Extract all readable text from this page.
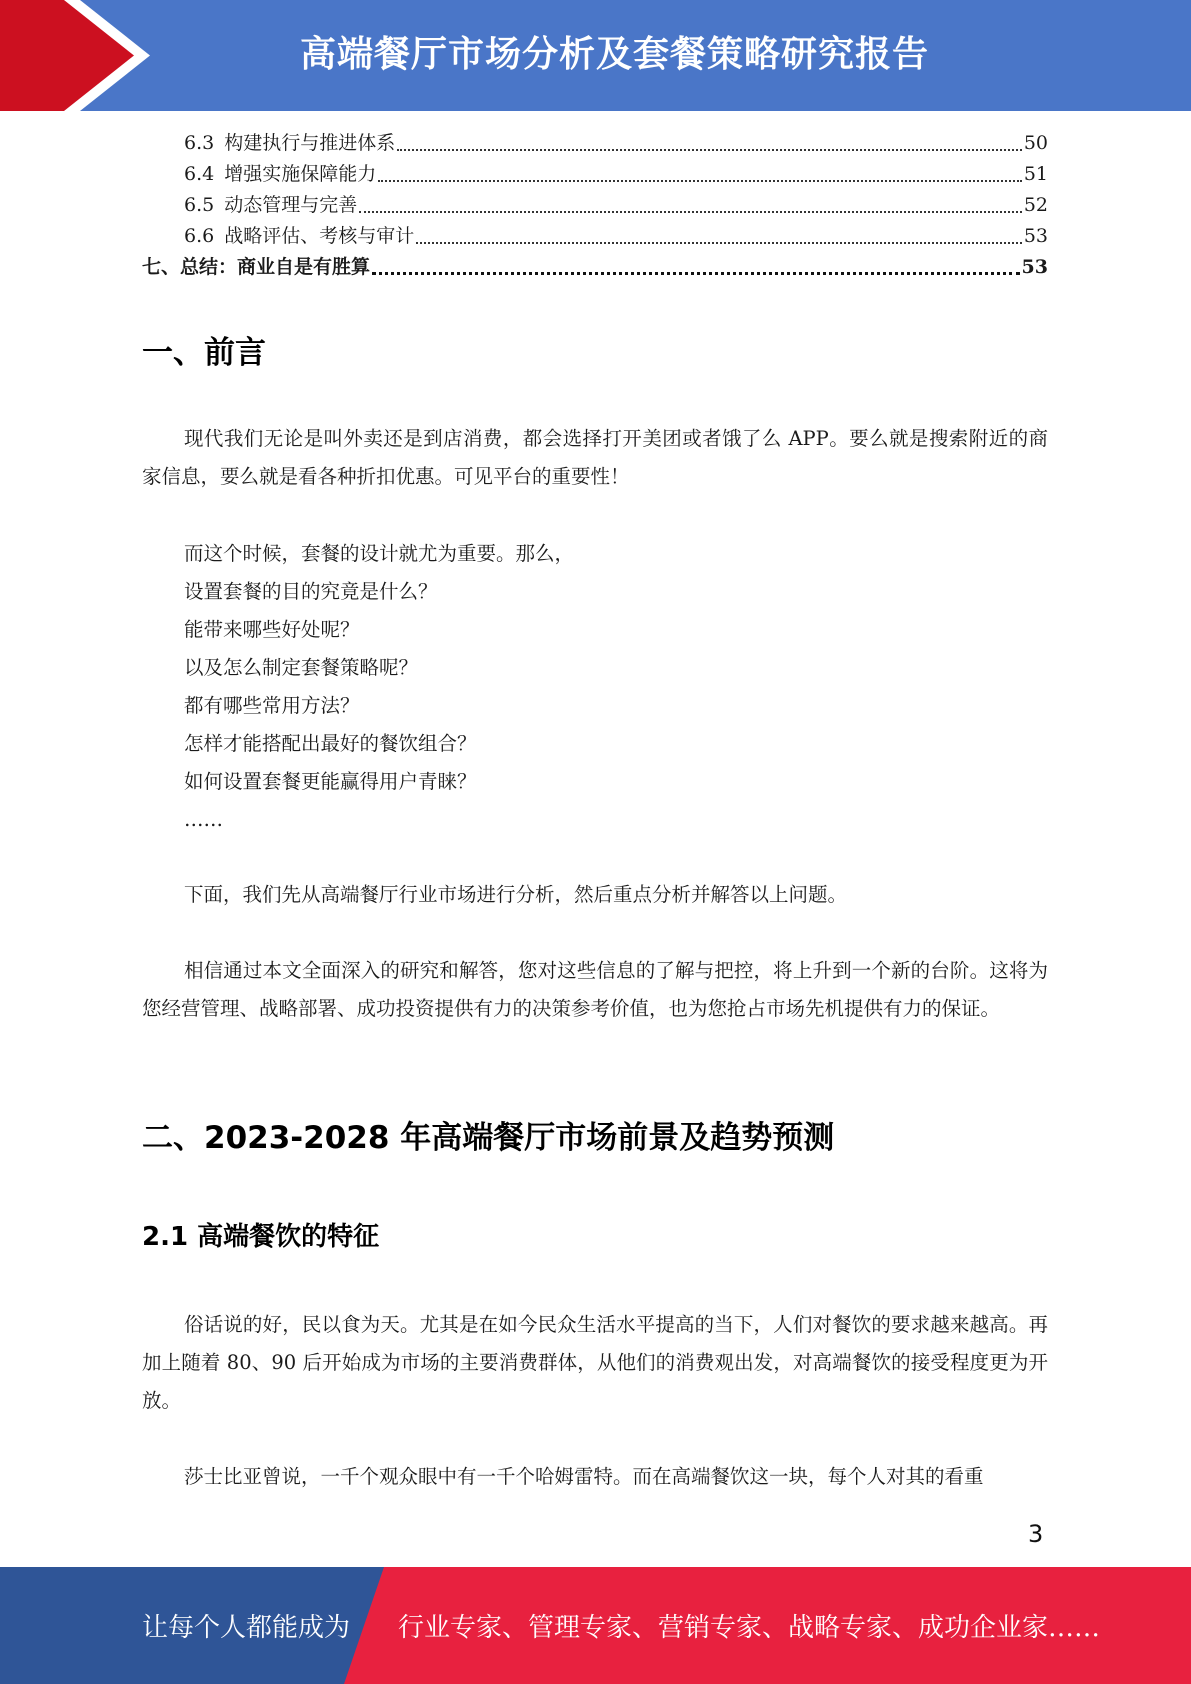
高端餐厅市场分析及套餐策略研究报告
6.3 构建执行与推进体系	50
6.4 增强实施保障能力	51
6.5 动态管理与完善	52
6.6 战略评估、考核与审计	53
七、总结：商业自是有胜算	53
一、前言

现代我们无论是叫外卖还是到店消费，都会选择打开美团或者饿了么 APP。要么就是搜索附近的商家信息，要么就是看各种折扣优惠。可见平台的重要性！

而这个时候，套餐的设计就尤为重要。那么，
设置套餐的目的究竟是什么？
能带来哪些好处呢？
以及怎么制定套餐策略呢？
都有哪些常用方法？
怎样才能搭配出最好的餐饮组合？
如何设置套餐更能赢得用户青睐？
……

下面，我们先从高端餐厅行业市场进行分析，然后重点分析并解答以上问题。

相信通过本文全面深入的研究和解答，您对这些信息的了解与把控，将上升到一个新的台阶。这将为您经营管理、战略部署、成功投资提供有力的决策参考价值，也为您抢占市场先机提供有力的保证。

二、2023-2028 年高端餐厅市场前景及趋势预测
2.1 高端餐饮的特征

俗话说的好，民以食为天。尤其是在如今民众生活水平提高的当下，人们对餐饮的要求越来越高。再加上随着 80、90 后开始成为市场的主要消费群体，从他们的消费观出发，对高端餐饮的接受程度更为开放。

莎士比亚曾说，一千个观众眼中有一千个哈姆雷特。而在高端餐饮这一块，每个人对其的看重

3
让每个人都能成为 行业专家、管理专家、营销专家、战略专家、成功企业家……
